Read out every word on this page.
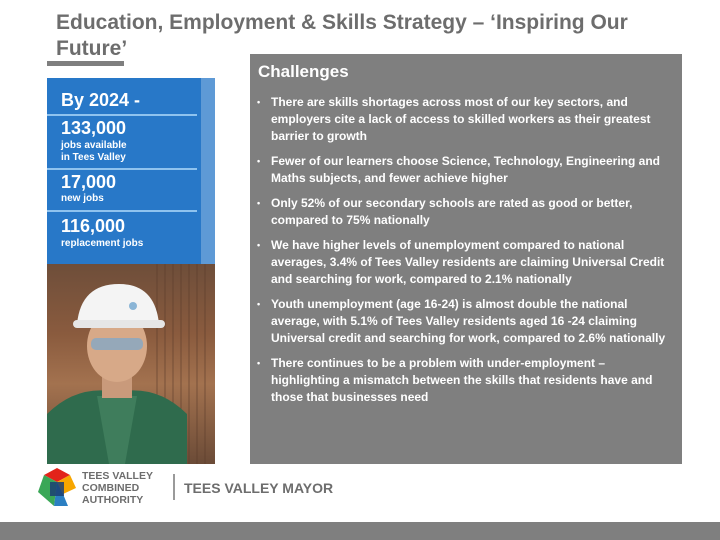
Education, Employment & Skills Strategy – ‘Inspiring Our Future’
By 2024 -
133,000
jobs available
in Tees Valley
17,000
new jobs
116,000
replacement jobs
Challenges
• There are skills shortages across most of our key sectors, and employers cite a lack of access to skilled workers as their greatest barrier to growth
• Fewer of our learners choose Science, Technology, Engineering and Maths subjects, and fewer achieve higher
• Only 52% of our secondary schools are rated as good or better, compared to 75% nationally
• We have higher levels of unemployment compared to national averages, 3.4% of Tees Valley residents are claiming Universal Credit and searching for work, compared to 2.1% nationally
• Youth unemployment (age 16-24) is almost double the national average, with 5.1% of Tees Valley residents aged 16 -24 claiming Universal credit and searching for work, compared to 2.6% nationally
• There continues to be a problem with under-employment – highlighting a mismatch between the skills that residents have and those that businesses need
TEES VALLEY
COMBINED
AUTHORITY
TEES VALLEY MAYOR
